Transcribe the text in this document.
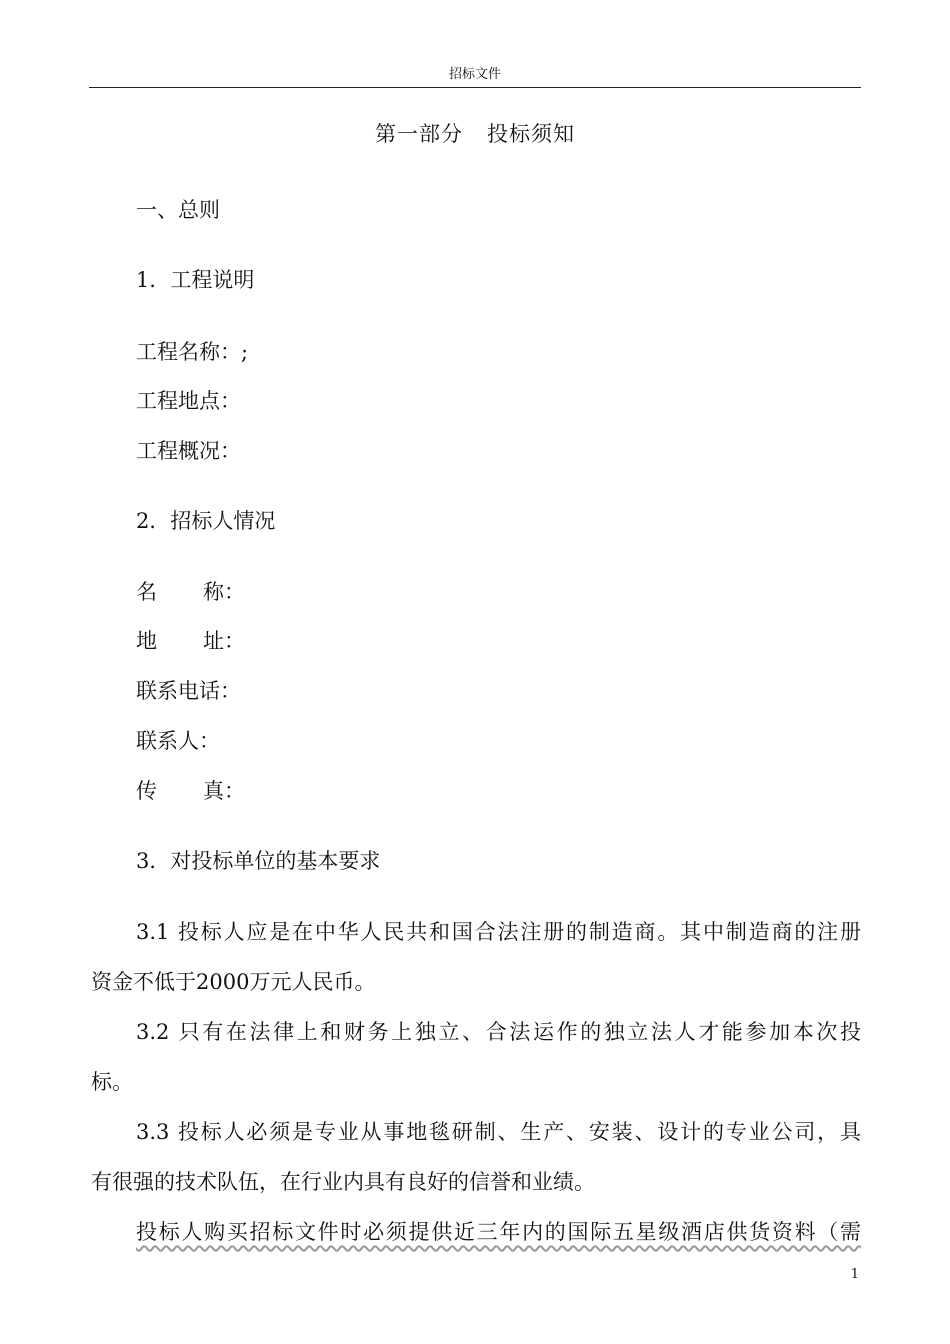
招标文件
第一部分 投标须知
一、总则
1．工程说明
工程名称：;
工程地点：
工程概况：
2．招标人情况
名 称：
地 址：
联系电话：
联系人：
传 真：
3．对投标单位的基本要求
3.1 投标人应是在中华人民共和国合法注册的制造商。其中制造商的注册
资金不低于2000万元人民币。
3.2 只有在法律上和财务上独立、合法运作的独立法人才能参加本次投
标。
3.3 投标人必须是专业从事地毯研制、生产、安装、设计的专业公司，具
有很强的技术队伍，在行业内具有良好的信誉和业绩。
投标人购买招标文件时必须提供近三年内的国际五星级酒店供货资料（需
1
